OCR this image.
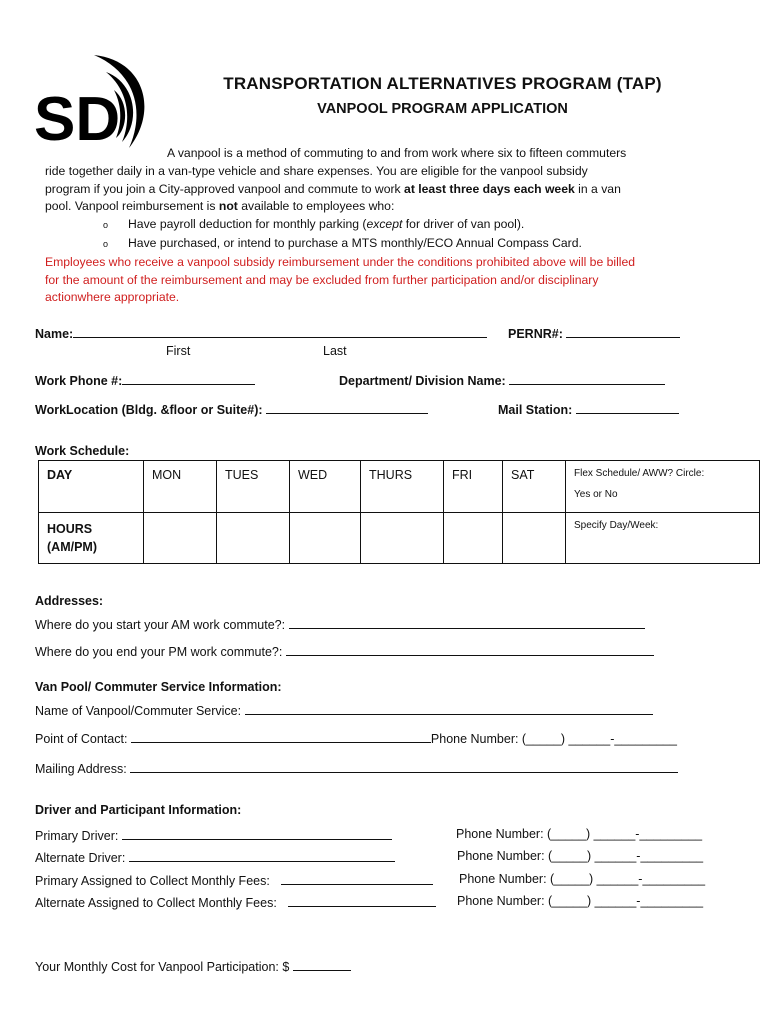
SD
TRANSPORTATION ALTERNATIVES PROGRAM (TAP)
VANPOOL PROGRAM APPLICATION

A vanpool is a method of commuting to and from work where six to fifteen commuters

ride together daily in a van-type vehicle and share expenses. You are eligible for the vanpool subsidy

program if you join a City-approved vanpool and commute to work at least three days each week in a van

pool. Vanpool reimbursement is not available to employees who:

o Have payroll deduction for monthly parking (except for driver of van pool).

o Have purchased, or intend to purchase a MTS monthly/ECO Annual Compass Card.

Employees who receive a vanpool subsidy reimbursement under the conditions prohibited above will be billed

for the amount of the reimbursement and may be excluded from further participation and/or disciplinary

actionwhere appropriate.

Name:	PERNR#:
First	Last
Work Phone #:	Department/ Division Name:
WorkLocation (Bldg. &floor or Suite#):	Mail Station:
Work Schedule:
DAY	MON	TUES	WED	THURS	FRI	SAT	Flex Schedule/ AWW? Circle:
Yes or No

HOURS
(AM/PM)							Specify Day/Week:
Addresses:
Where do you start your AM work commute?:
Where do you end your PM work commute?:
Van Pool/ Commuter Service Information:
Name of Vanpool/Commuter Service:
Point of Contact:	Phone Number: (_____) ______-_________
Mailing Address:
Driver and Participant Information:
Primary Driver:	Phone Number: (_____) ______-_________
Alternate Driver:	Phone Number: (_____) ______-_________
Primary Assigned to Collect Monthly Fees:	Phone Number: (_____) ______-_________
Alternate Assigned to Collect Monthly Fees:	Phone Number: (_____) ______-_________
Your Monthly Cost for Vanpool Participation: $
